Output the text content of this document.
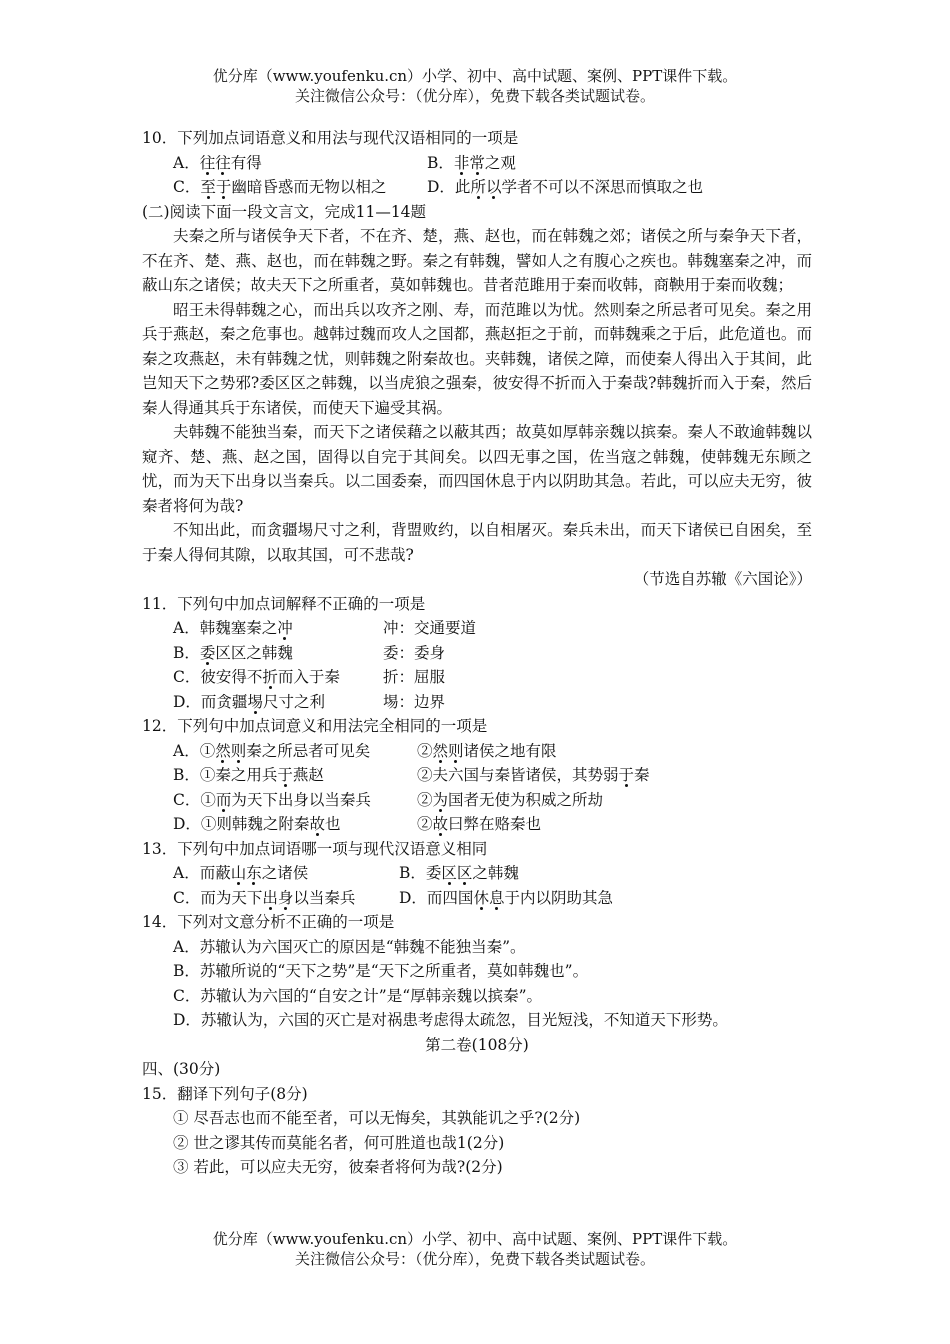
优分库（www.youfenku.cn）小学、初中、高中试题、案例、PPT课件下载。
关注微信公众号：（优分库），免费下载各类试题试卷。
10．下列加点词语意义和用法与现代汉语相同的一项是
A．往往有得	B．非常之观
C．至于幽暗昏惑而无物以相之	D．此所以学者不可以不深思而慎取之也
(二)阅读下面一段文言文，完成11—14题
夫秦之所与诸侯争天下者，不在齐、楚，燕、赵也，而在韩魏之郊；诸侯之所与秦争天下者，不在齐、楚、燕、赵也，而在韩魏之野。秦之有韩魏，譬如人之有腹心之疾也。韩魏塞秦之冲，而蔽山东之诸侯；故夫天下之所重者，莫如韩魏也。昔者范雎用于秦而收韩，商鞅用于秦而收魏；
昭王未得韩魏之心，而出兵以攻齐之刚、寿，而范雎以为忧。然则秦之所忌者可见矣。秦之用兵于燕赵，秦之危事也。越韩过魏而攻人之国都，燕赵拒之于前，而韩魏乘之于后，此危道也。而秦之攻燕赵，未有韩魏之忧，则韩魏之附秦故也。夹韩魏，诸侯之障，而使秦人得出入于其间，此岂知天下之势邪?委区区之韩魏，以当虎狼之强秦，彼安得不折而入于秦哉?韩魏折而入于秦，然后秦人得通其兵于东诸侯，而使天下遍受其祸。
夫韩魏不能独当秦，而天下之诸侯藉之以蔽其西；故莫如厚韩亲魏以摈秦。秦人不敢逾韩魏以窥齐、楚、燕、赵之国，固得以自完于其间矣。以四无事之国，佐当寇之韩魏，使韩魏无东顾之忧，而为天下出身以当秦兵。以二国委秦，而四国休息于内以阴助其急。若此，可以应夫无穷，彼秦者将何为哉?
不知出此，而贪疆埸尺寸之利，背盟败约，以自相屠灭。秦兵未出，而天下诸侯已自困矣，至于秦人得伺其隙，以取其国，可不悲哉?
（节选自苏辙《六国论》）
11．下列句中加点词解释不正确的一项是
A．韩魏塞秦之冲	冲：交通要道
B．委区区之韩魏	委：委身
C．彼安得不折而入于秦	折：屈服
D．而贪疆埸尺寸之利	埸：边界
12．下列句中加点词意义和用法完全相同的一项是
A．①然则秦之所忌者可见矣	②然则诸侯之地有限
B．①秦之用兵于燕赵	②夫六国与秦皆诸侯，其势弱于秦
C．①而为天下出身以当秦兵	②为国者无使为积威之所劫
D．①则韩魏之附秦故也	②故曰弊在赂秦也
13．下列句中加点词语哪一项与现代汉语意义相同
A．而蔽山东之诸侯	B．委区区之韩魏
C．而为天下出身以当秦兵	D．而四国休息于内以阴助其急
14．下列对文意分析不正确的一项是
A．苏辙认为六国灭亡的原因是“韩魏不能独当秦”。
B．苏辙所说的“天下之势”是“天下之所重者，莫如韩魏也”。
C．苏辙认为六国的“自安之计”是“厚韩亲魏以摈秦”。
D．苏辙认为，六国的灭亡是对祸患考虑得太疏忽，目光短浅，不知道天下形势。
第二卷(108分)
四、(30分)
15．翻译下列句子(8分)
① 尽吾志也而不能至者，可以无悔矣，其孰能讥之乎?(2分)
② 世之谬其传而莫能名者，何可胜道也哉1(2分)
③ 若此，可以应夫无穷，彼秦者将何为哉?(2分)
优分库（www.youfenku.cn）小学、初中、高中试题、案例、PPT课件下载。
关注微信公众号：（优分库），免费下载各类试题试卷。
